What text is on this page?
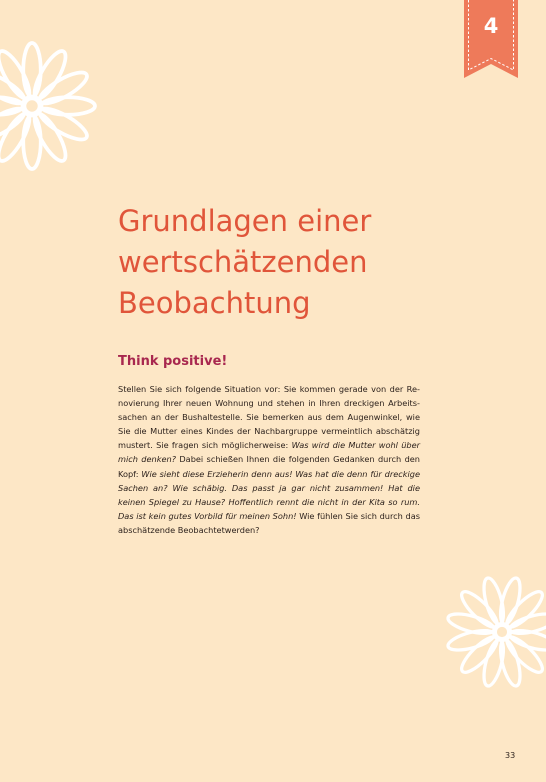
4
Grundlagen einer
wertschätzenden
Beobachtung
Think positive!

Stellen Sie sich folgende Situation vor: Sie kommen gerade von der Renovierung Ihrer neuen Wohnung und stehen in Ihren dreckigen Arbeitssachen an der Bushaltestelle. Sie bemerken aus dem Augenwinkel, wie Sie die Mutter eines Kindes der Nachbargruppe vermeintlich abschätzig mustert. Sie fragen sich möglicherweise: Was wird die Mutter wohl über mich denken? Dabei schießen Ihnen die folgenden Gedanken durch den Kopf: Wie sieht diese Erzieherin denn aus! Was hat die denn für dreckige Sachen an? Wie schäbig. Das passt ja gar nicht zusammen! Hat die keinen Spiegel zu Hause? Hoffentlich rennt die nicht in der Kita so rum. Das ist kein gutes Vorbild für meinen Sohn! Wie fühlen Sie sich durch das abschätzende Beobachtetwerden?

33
